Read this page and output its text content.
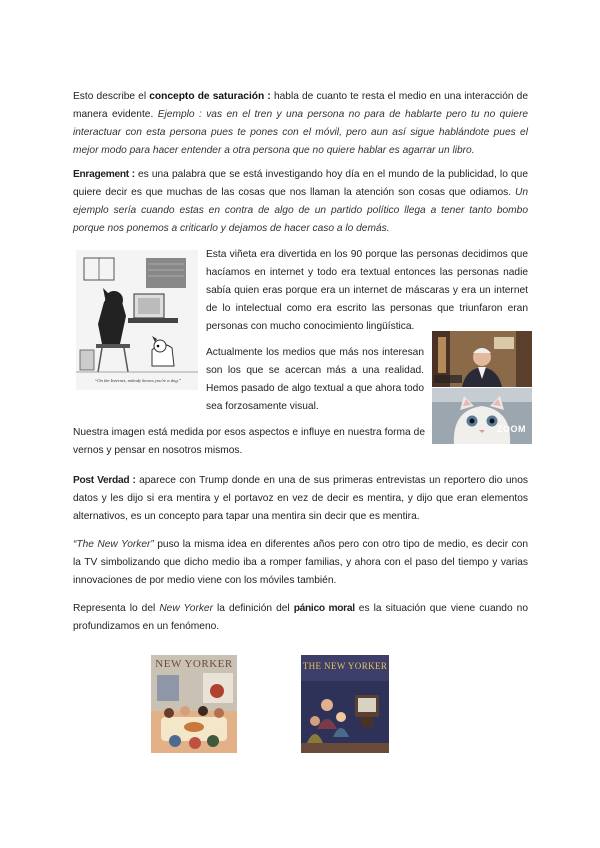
Esto describe el concepto de saturación : habla de cuanto te resta el medio en una interacción de manera evidente. Ejemplo : vas en el tren y una persona no para de hablarte pero tu no quiere interactuar con esta persona pues te pones con el móvil, pero aun así sigue hablándote pues el mejor modo para hacer entender a otra persona que no quiere hablar es agarrar un libro.

Enragement : es una palabra que se está investigando hoy día en el mundo de la publicidad, lo que quiere decir es que muchas de las cosas que nos llaman la atención son cosas que odiamos. Un ejemplo sería cuando estas en contra de algo de un partido político llega a tener tanto bombo porque nos ponemos a criticarlo y dejamos de hacer caso a lo demás.

“On the Internet, nobody knows you're a dog.”

Esta viñeta era divertida en los 90 porque las personas decidimos que hacíamos en internet y todo era textual entonces las personas nadie sabía quien eras porque era un internet de máscaras y era un internet de lo intelectual como era escrito las personas que triunfaron eran personas con mucho conocimiento lingüística.

ZOOM

Actualmente los medios que más nos interesan son los que se acercan más a una realidad. Hemos pasado de algo textual a que ahora todo sea forzosamente visual.

Nuestra imagen está medida por esos aspectos e influye en nuestra forma de vernos y pensar en nosotros mismos.

Post Verdad : aparece con Trump donde en una de sus primeras entrevistas un reportero dio unos datos y les dijo si era mentira y el portavoz en vez de decir es mentira, y dijo que eran elementos alternativos, es un concepto para tapar una mentira sin decir que es mentira.

“The New Yorker” puso la misma idea en diferentes años pero con otro tipo de medio, es decir con la TV simbolizando que dicho medio iba a romper familias, y ahora con el paso del tiempo y varias innovaciones de por medio viene con los móviles también.

Representa lo del New Yorker la definición del pánico moral es la situación que viene cuando no profundizamos en un fenómeno.

NEW YORKER	THE NEW YORKER
